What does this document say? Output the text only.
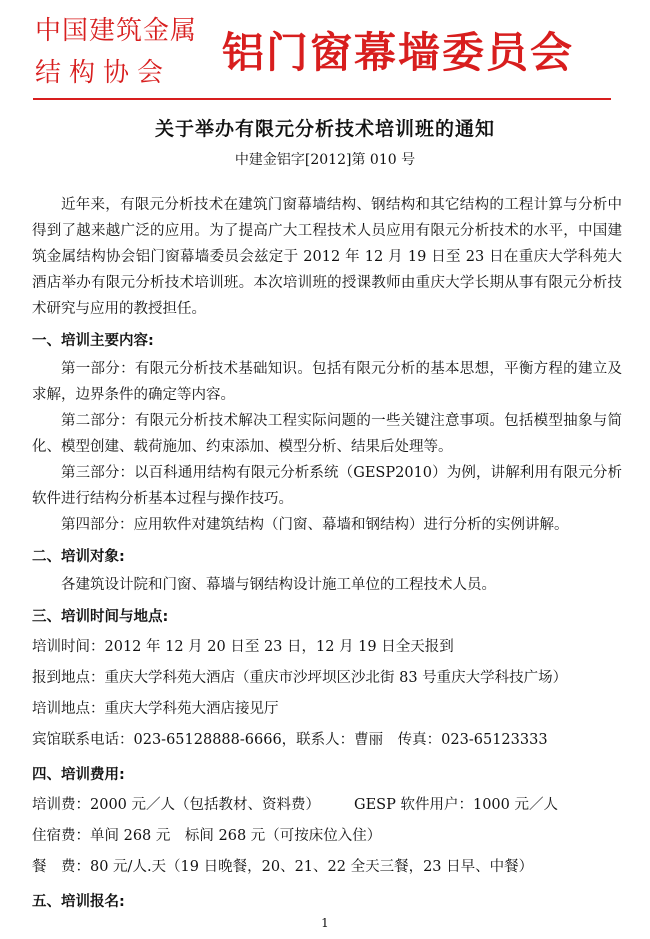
中国建筑金属
结构协会 铝门窗幕墙委员会
关于举办有限元分析技术培训班的通知
中建金铝字[2012]第 010 号

近年来，有限元分析技术在建筑门窗幕墙结构、钢结构和其它结构的工程计算与分析中得到了越来越广泛的应用。为了提高广大工程技术人员应用有限元分析技术的水平，中国建筑金属结构协会铝门窗幕墙委员会兹定于 2012 年 12 月 19 日至 23 日在重庆大学科苑大酒店举办有限元分析技术培训班。本次培训班的授课教师由重庆大学长期从事有限元分析技术研究与应用的教授担任。

一、培训主要内容:

第一部分：有限元分析技术基础知识。包括有限元分析的基本思想，平衡方程的建立及求解，边界条件的确定等内容。

第二部分：有限元分析技术解决工程实际问题的一些关键注意事项。包括模型抽象与简化、模型创建、载荷施加、约束添加、模型分析、结果后处理等。

第三部分：以百科通用结构有限元分析系统（GESP2010）为例，讲解利用有限元分析软件进行结构分析基本过程与操作技巧。

第四部分：应用软件对建筑结构（门窗、幕墙和钢结构）进行分析的实例讲解。

二、培训对象:

各建筑设计院和门窗、幕墙与钢结构设计施工单位的工程技术人员。

三、培训时间与地点:

培训时间：2012 年 12 月 20 日至 23 日，12 月 19 日全天报到

报到地点：重庆大学科苑大酒店（重庆市沙坪坝区沙北街 83 号重庆大学科技广场）

培训地点：重庆大学科苑大酒店接见厅

宾馆联系电话：023-65128888-6666，联系人：曹丽　传真：023-65123333

四、培训费用:

培训费：2000 元／人（包括教材、资料费） GESP 软件用户：1000 元／人

住宿费：单间 268 元　标间 268 元（可按床位入住）

餐　费：80 元/人.天（19 日晚餐，20、21、22 全天三餐，23 日早、中餐）

五、培训报名:
1
